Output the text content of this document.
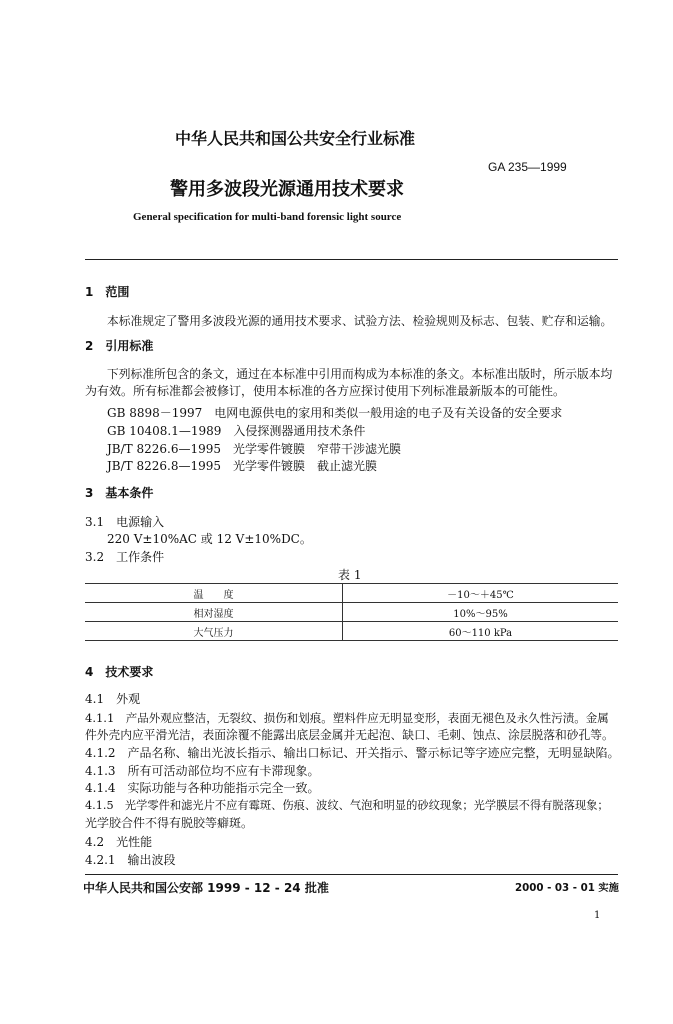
中华人民共和国公共安全行业标准
GA 235—1999
警用多波段光源通用技术要求
General specification for multi-band forensic light source
1　范围
本标准规定了警用多波段光源的通用技术要求、试验方法、检验规则及标志、包装、贮存和运输。
2　引用标准
下列标准所包含的条文，通过在本标准中引用而构成为本标准的条文。本标准出版时，所示版本均
为有效。所有标准都会被修订，使用本标准的各方应探讨使用下列标准最新版本的可能性。
GB 8898－1997　电网电源供电的家用和类似一般用途的电子及有关设备的安全要求
GB 10408.1—1989　入侵探测器通用技术条件
JB/T 8226.6—1995　光学零件镀膜　窄带干涉滤光膜
JB/T 8226.8—1995　光学零件镀膜　截止滤光膜
3　基本条件
3.1　电源输入
220 V±10%AC 或 12 V±10%DC。
3.2　工作条件
表 1
温　　度	－10～＋45℃
相对湿度	10%～95%
大气压力	60～110 kPa
4　技术要求
4.1　外观
4.1.1　产品外观应整洁，无裂纹、损伤和划痕。塑料件应无明显变形，表面无褪色及永久性污渍。金属
件外壳内应平滑光洁，表面涂覆不能露出底层金属并无起泡、缺口、毛刺、蚀点、涂层脱落和砂孔等。
4.1.2　产品名称、输出光波长指示、输出口标记、开关指示、警示标记等字迹应完整，无明显缺陷。
4.1.3　所有可活动部位均不应有卡滞现象。
4.1.4　实际功能与各种功能指示完全一致。
4.1.5　光学零件和滤光片不应有霉斑、伤痕、波纹、气泡和明显的砂纹现象；光学膜层不得有脱落现象；
光学胶合件不得有脱胶等癖斑。
4.2　光性能
4.2.1　输出波段
中华人民共和国公安部 1999 - 12 - 24 批准	2000 - 03 - 01 实施
1
